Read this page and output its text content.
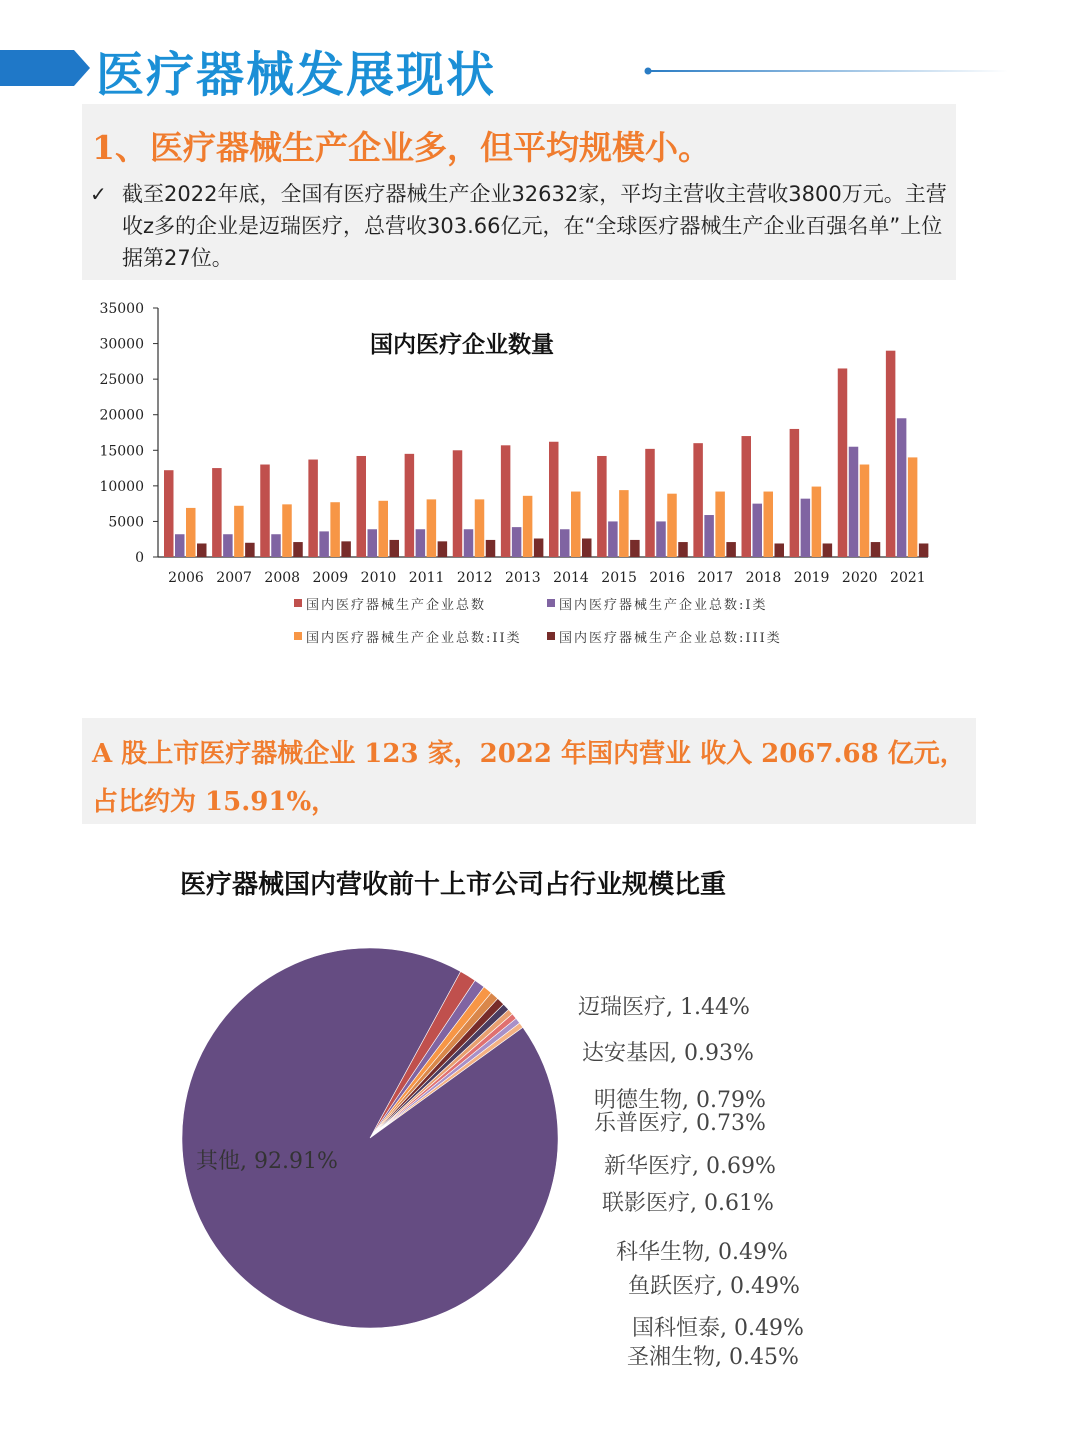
医疗器械发展现状
1、医疗器械生产企业多，但平均规模小。
✓ 截至2022年底，全国有医疗器械生产企业32632家，平均主营收主营收3800万元。主营收z多的企业是迈瑞医疗，总营收303.66亿元，在“全球医疗器械生产企业百强名单”上位据第27位。
0
5000
10000
15000
20000
25000
30000
35000
国内医疗企业数量
2006 2007 2008 2009 2010 2011 2012 2013 2014 2015 2016 2017 2018 2019 2020 2021
国内医疗器械生产企业总数	国内医疗器械生产企业总数:I类
国内医疗器械生产企业总数:II类	国内医疗器械生产企业总数:III类
A 股上市医疗器械企业 123 家，2022 年国内营业 收入 2067.68 亿元，占比约为 15.91%，
医疗器械国内营收前十上市公司占行业规模比重
迈瑞医疗, 1.44%
达安基因, 0.93%
明德生物, 0.79%
乐普医疗, 0.73%
新华医疗, 0.69%
联影医疗, 0.61%
科华生物, 0.49%
鱼跃医疗, 0.49%
国科恒泰, 0.49%
圣湘生物, 0.45%
其他, 92.91%
